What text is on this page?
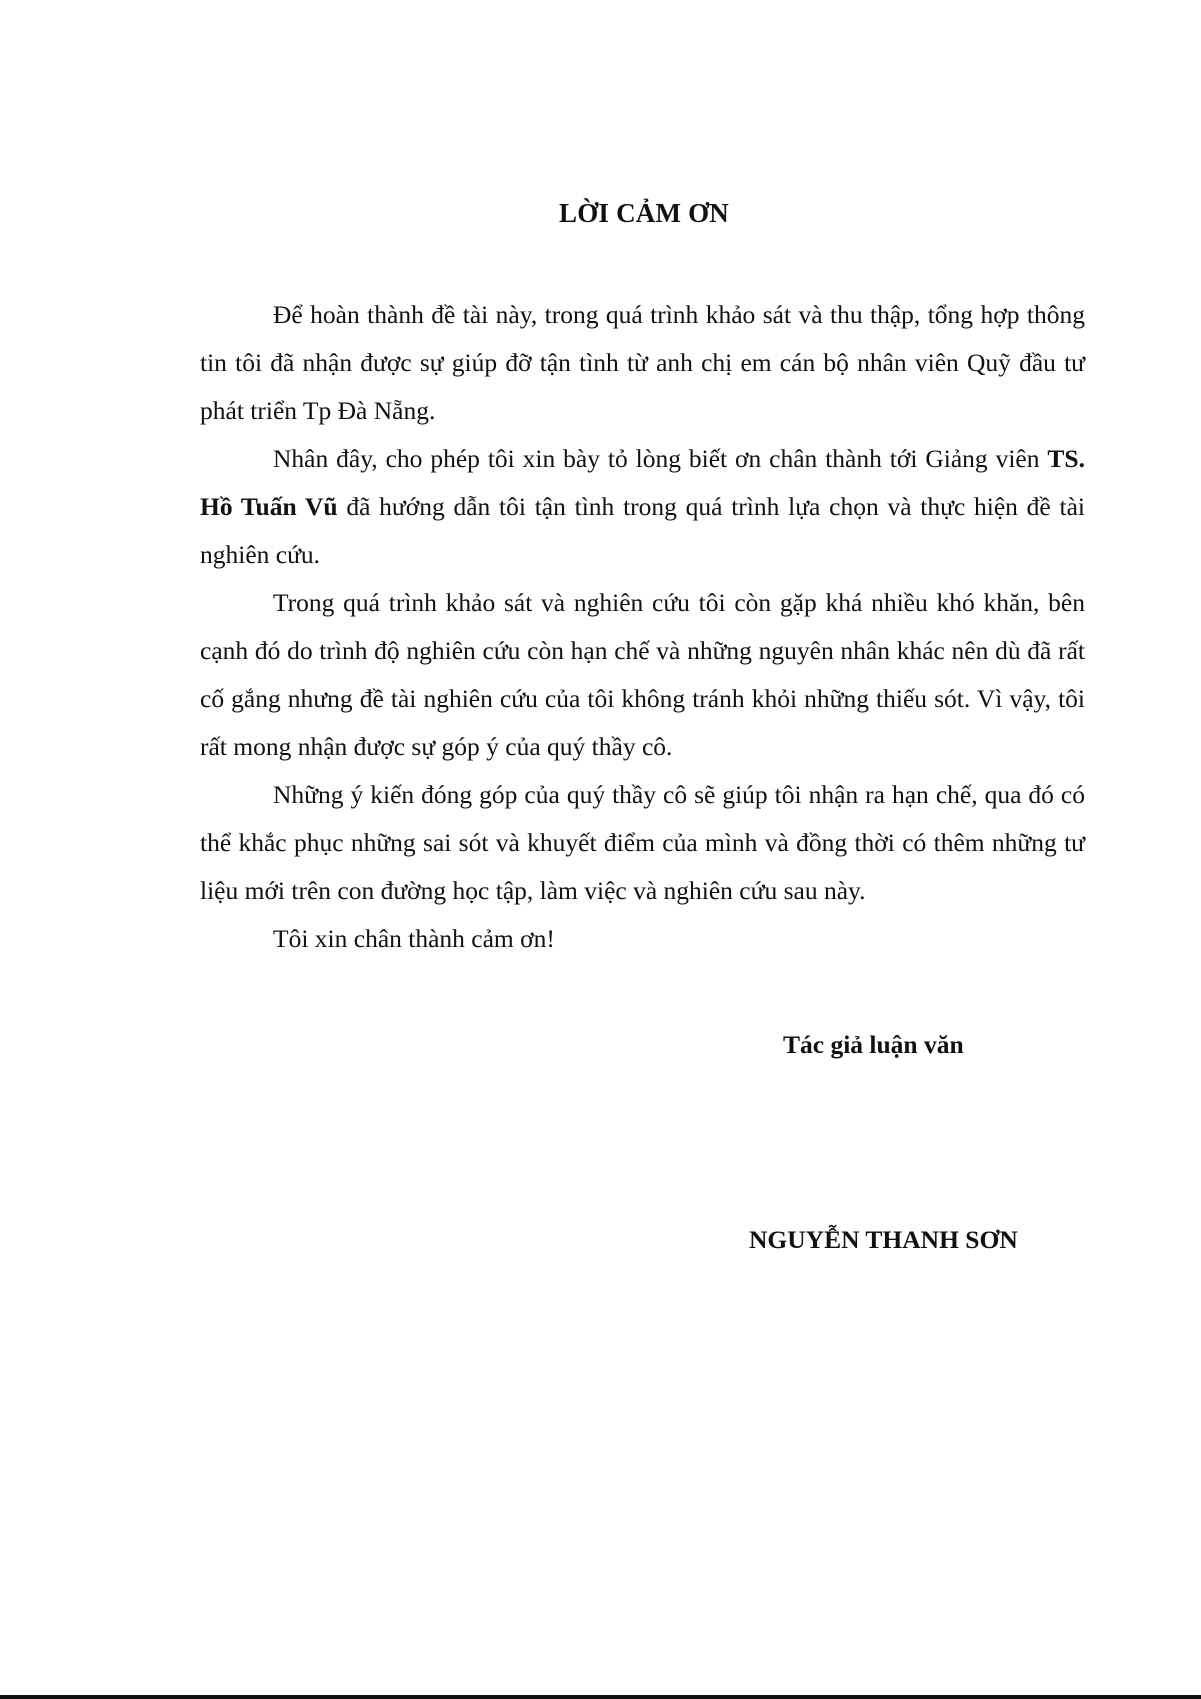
LỜI CẢM ƠN

Để hoàn thành đề tài này, trong quá trình khảo sát và thu thập, tổng hợp thông tin tôi đã nhận được sự giúp đỡ tận tình từ anh chị em cán bộ nhân viên Quỹ đầu tư phát triển Tp Đà Nẵng.

Nhân đây, cho phép tôi xin bày tỏ lòng biết ơn chân thành tới Giảng viên TS. Hồ Tuấn Vũ đã hướng dẫn tôi tận tình trong quá trình lựa chọn và thực hiện đề tài nghiên cứu.

Trong quá trình khảo sát và nghiên cứu tôi còn gặp khá nhiều khó khăn, bên cạnh đó do trình độ nghiên cứu còn hạn chế và những nguyên nhân khác nên dù đã rất cố gắng nhưng đề tài nghiên cứu của tôi không tránh khỏi những thiếu sót. Vì vậy, tôi rất mong nhận được sự góp ý của quý thầy cô.

Những ý kiến đóng góp của quý thầy cô sẽ giúp tôi nhận ra hạn chế, qua đó có thể khắc phục những sai sót và khuyết điểm của mình và đồng thời có thêm những tư liệu mới trên con đường học tập, làm việc và nghiên cứu sau này.

Tôi xin chân thành cảm ơn!

Tác giả luận văn
NGUYỄN THANH SƠN
